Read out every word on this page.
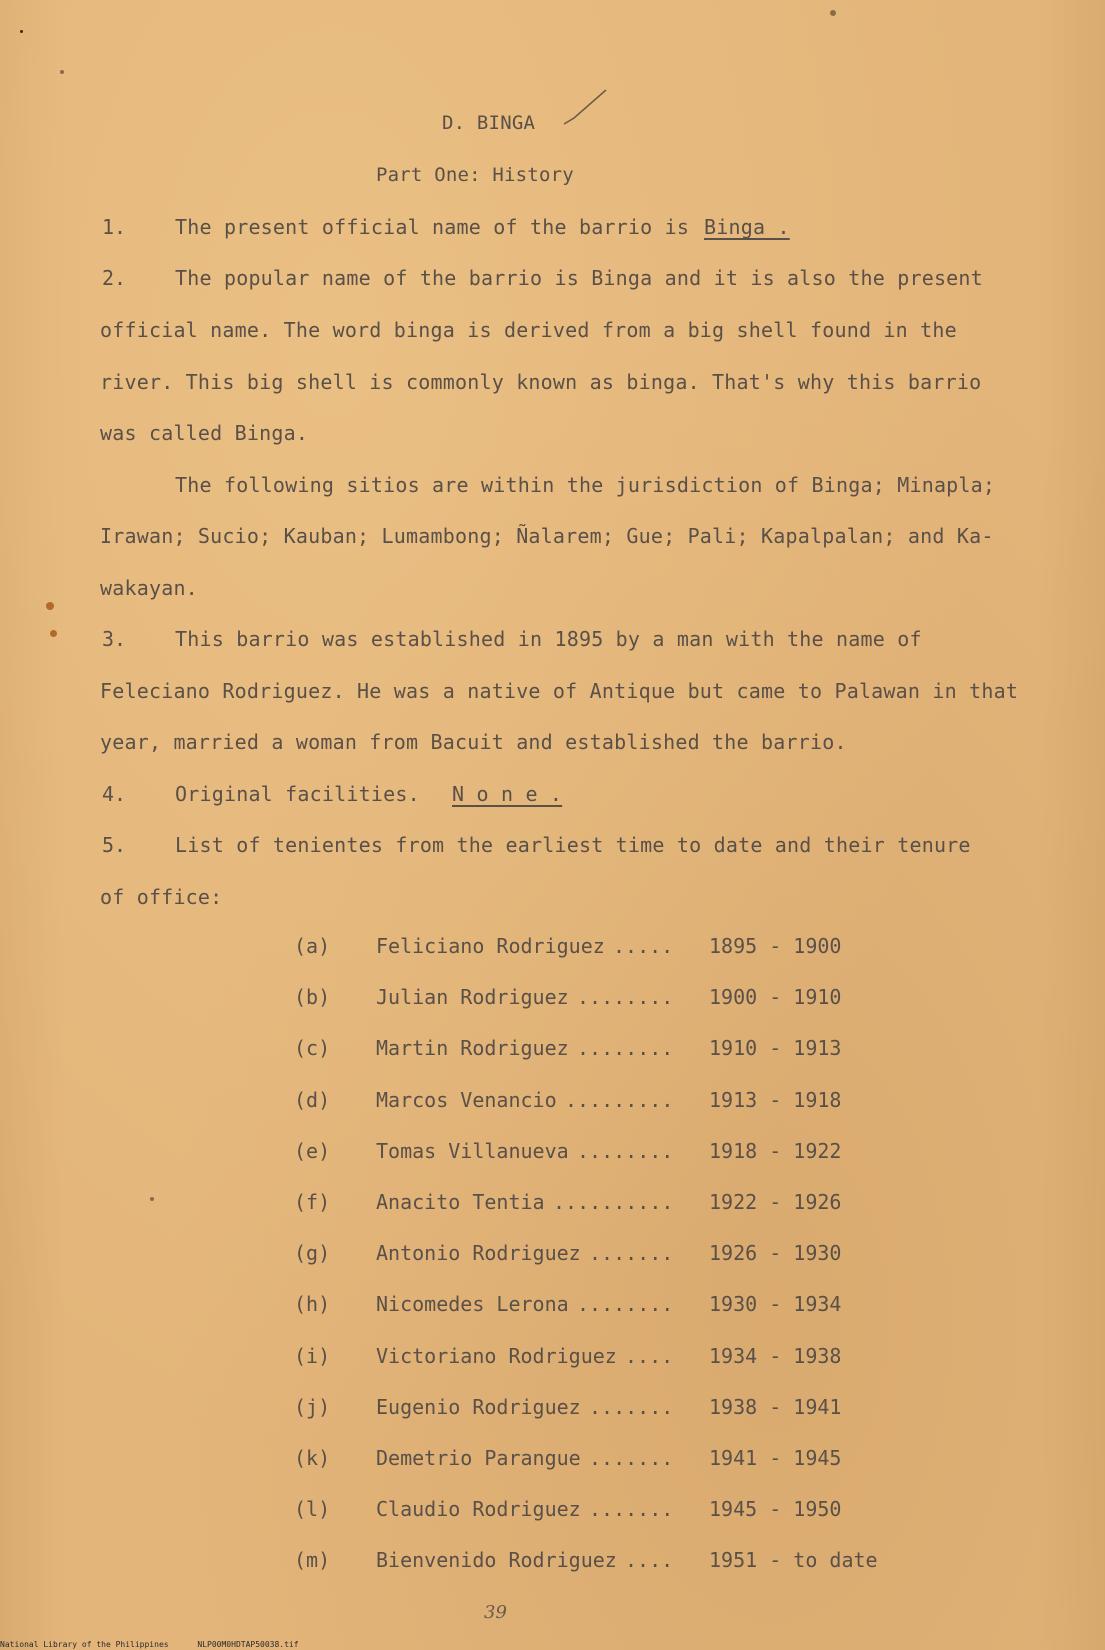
D. BINGA
Part One: History
1. The present official name of the barrio is Binga .
2. The popular name of the barrio is Binga and it is also the present
official name. The word binga is derived from a big shell found in the
river. This big shell is commonly known as binga. That's why this barrio
was called Binga.
The following sitios are within the jurisdiction of Binga; Minapla;
Irawan; Sucio; Kauban; Lumambong; Ñalarem; Gue; Pali; Kapalpalan; and Ka-
wakayan.
3. This barrio was established in 1895 by a man with the name of
Feleciano Rodriguez. He was a native of Antique but came to Palawan in that
year, married a woman from Bacuit and established the barrio.
4. Original facilities. N o n e .
5. List of tenientes from the earliest time to date and their tenure
of office:
(a) Feliciano Rodriguez ..... 1895 - 1900
(b) Julian Rodriguez ........ 1900 - 1910
(c) Martin Rodriguez ........ 1910 - 1913
(d) Marcos Venancio ......... 1913 - 1918
(e) Tomas Villanueva ........ 1918 - 1922
(f) Anacito Tentia .......... 1922 - 1926
(g) Antonio Rodriguez ....... 1926 - 1930
(h) Nicomedes Lerona ........ 1930 - 1934
(i) Victoriano Rodriguez .... 1934 - 1938
(j) Eugenio Rodriguez ....... 1938 - 1941
(k) Demetrio Parangue ....... 1941 - 1945
(l) Claudio Rodriguez ....... 1945 - 1950
(m) Bienvenido Rodriguez .... 1951 - to date
39
National Library of the Philippines	NLP00M0HDTAP50038.tif
